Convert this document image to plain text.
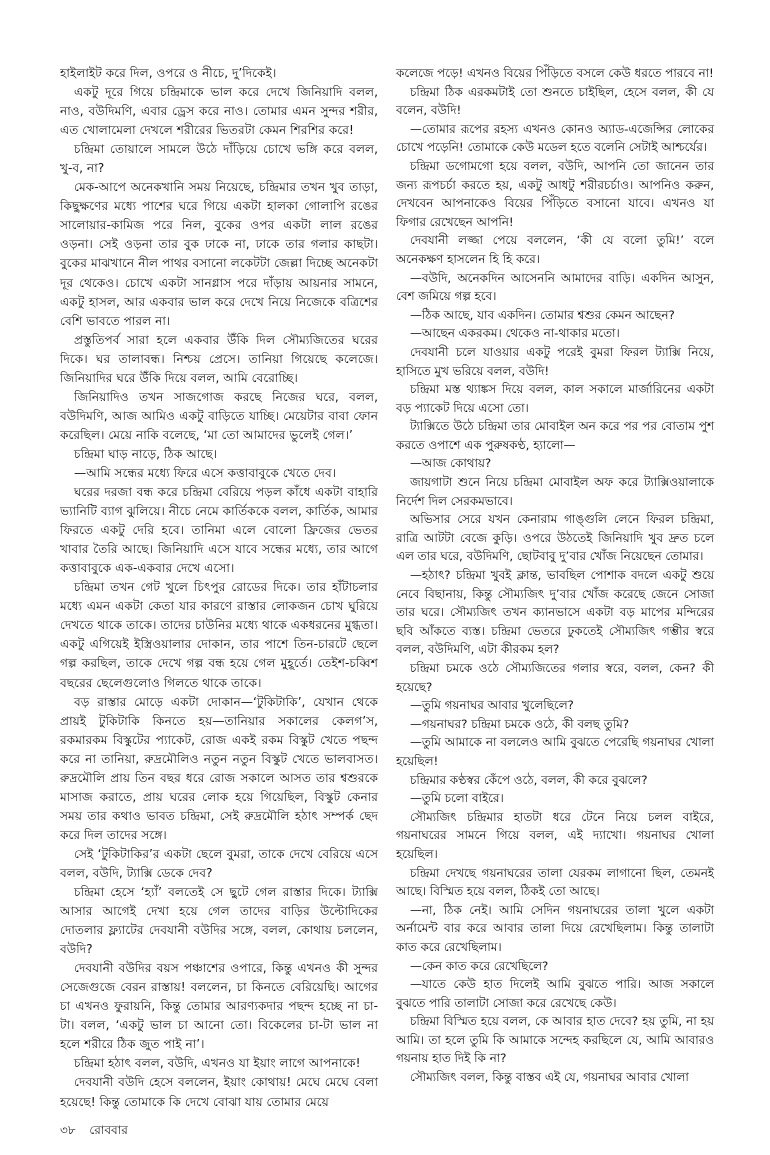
হাইলাইট করে দিল, ওপরে ও নীচে, দু’দিকেই।

একটু দূরে গিয়ে চন্দ্রিমাকে ভাল করে দেখে জিনিয়াদি বলল, নাও, বউদিমণি, এবার ড্রেস করে নাও। তোমার এমন সুন্দর শরীর, এত খোলামেলা দেখলে শরীরের ভিতরটা কেমন শিরশির করে!

চন্দ্রিমা তোয়ালে সামলে উঠে দাঁড়িয়ে চোখে ভঙ্গি করে বলল, খু-ব, না?

মেক-আপে অনেকখানি সময় নিয়েছে, চন্দ্রিমার তখন খুব তাড়া, কিছুক্ষণের মধ্যে পাশের ঘরে গিয়ে একটা হালকা গোলাপি রঙের সালোয়ার-কামিজ পরে নিল, বুকের ওপর একটা লাল রঙের ওড়না। সেই ওড়না তার বুক ঢাকে না, ঢাকে তার গলার কাছটা। বুকের মাঝখানে নীল পাথর বসানো লকেটটা জেল্লা দিচ্ছে অনেকটা দূর থেকেও। চোখে একটা সানগ্লাস পরে দাঁড়ায় আয়নার সামনে, একটু হাসল, আর একবার ভাল করে দেখে নিয়ে নিজেকে বত্রিশের বেশি ভাবতে পারল না।

প্রস্তুতিপর্ব সারা হলে একবার উঁকি দিল সৌম্যজিতের ঘরের দিকে। ঘর তালাবন্ধ। নিশ্চয় প্রেসে। তানিয়া গিয়েছে কলেজে। জিনিয়াদির ঘরে উঁকি দিয়ে বলল, আমি বেরোচ্ছি।

জিনিয়াদিও তখন সাজগোজ করছে নিজের ঘরে, বলল, বউদিমণি, আজ আমিও একটু বাড়িতে যাচ্ছি। মেয়েটার বাবা ফোন করেছিল। মেয়ে নাকি বলেছে, ‘মা তো আমাদের ভুলেই গেল।’

চন্দ্রিমা ঘাড় নাড়ে, ঠিক আছে।

—আমি সন্ধের মধ্যে ফিরে এসে কত্তাবাবুকে খেতে দেব।

ঘরের দরজা বন্ধ করে চন্দ্রিমা বেরিয়ে পড়ল কাঁধে একটা বাহারি ভ্যানিটি ব্যাগ ঝুলিয়ে। নীচে নেমে কার্তিককে বলল, কার্তিক, আমার ফিরতে একটু দেরি হবে। তানিমা এলে বোলো ফ্রিজের ভেতর খাবার তৈরি আছে। জিনিয়াদি এসে যাবে সন্ধের মধ্যে, তার আগে কত্তাবাবুকে এক-একবার দেখে এসো।

চন্দ্রিমা তখন গেট খুলে চিৎপুর রোডের দিকে। তার হাঁটাচলার মধ্যে এমন একটা কেতা যার কারণে রাস্তার লোকজন চোখ ঘুরিয়ে দেখতে থাকে তাকে। তাদের চাউনির মধ্যে থাকে একধরনের মুগ্ধতা। একটু এগিয়েই ইস্ত্রিওয়ালার দোকান, তার পাশে তিন-চারটে ছেলে গল্প করছিল, তাকে দেখে গল্প বন্ধ হয়ে গেল মুহূর্তে। তেইশ-চব্বিশ বছরের ছেলেগুলোও গিলতে থাকে তাকে।

বড় রাস্তার মোড়ে একটা দোকান—‘টুকিটাকি’, যেখান থেকে প্রায়ই টুকিটাকি কিনতে হয়—তানিয়ার সকালের কেলগ’স, রকমারকম বিস্কুটের প্যাকেট, রোজ একই রকম বিস্কুট খেতে পছন্দ করে না তানিয়া, রুদ্রমৌলিও নতুন নতুন বিস্কুট খেতে ভালবাসত। রুদ্রমৌলি প্রায় তিন বছর ধরে রোজ সকালে আসত তার শ্বশুরকে মাসাজ করাতে, প্রায় ঘরের লোক হয়ে গিয়েছিল, বিস্কুট কেনার সময় তার কথাও ভাবত চন্দ্রিমা, সেই রুদ্রমৌলি হঠাৎ সম্পর্ক ছেদ করে দিল তাদের সঙ্গে।

সেই ‘টুকিটাকির’র একটা ছেলে বুমরা, তাকে দেখে বেরিয়ে এসে বলল, বউদি, ট্যাক্সি ডেকে দেব?

চন্দ্রিমা হেসে ‘হ্যাঁ’ বলতেই সে ছুটে গেল রাস্তার দিকে। ট্যাক্সি আসার আগেই দেখা হয়ে গেল তাদের বাড়ির উল্টোদিকের দোতলার ফ্ল্যাটের দেবযানী বউদির সঙ্গে, বলল, কোথায় চললেন, বউদি?

দেবযানী বউদির বয়স পঞ্চাশের ওপারে, কিন্তু এখনও কী সুন্দর সেজেগুজে বেরন রাস্তায়! বললেন, চা কিনতে বেরিয়েছি। আগের চা এখনও ফুরায়নি, কিন্তু তোমার আরণ্যকদার পছন্দ হচ্ছে না চা-টা। বলল, ‘একটু ভাল চা আনো তো। বিকেলের চা-টা ভাল না হলে শরীরে ঠিক জুত পাই না’।

চন্দ্রিমা হঠাৎ বলল, বউদি, এখনও যা ইয়াং লাগে আপনাকে!

দেবযানী বউদি হেসে বললেন, ইয়াং কোথায়! মেঘে মেঘে বেলা হয়েছে! কিন্তু তোমাকে কি দেখে বোঝা যায় তোমার মেয়ে

কলেজে পড়ে! এখনও বিয়ের পিঁড়িতে বসলে কেউ ধরতে পারবে না!

চন্দ্রিমা ঠিক এরকমটাই তো শুনতে চাইছিল, হেসে বলল, কী যে বলেন, বউদি!

—তোমার রূপের রহস্য এখনও কোনও অ্যাড-এজেন্সির লোকের চোখে পড়েনি! তোমাকে কেউ মডেল হতে বলেনি সেটাই আশ্চর্যের।

চন্দ্রিমা ডগোমগো হয়ে বলল, বউদি, আপনি তো জানেন তার জন্য রূপচর্চা করতে হয়, একটু আধটু শরীরচর্চাও। আপনিও করুন, দেখবেন আপনাকেও বিয়ের পিঁড়িতে বসানো যাবে। এখনও যা ফিগার রেখেছেন আপনি!

দেবযানী লজ্জা পেয়ে বললেন, ‘কী যে বলো তুমি!’ বলে অনেকক্ষণ হাসলেন হি হি করে।

—বউদি, অনেকদিন আসেননি আমাদের বাড়ি। একদিন আসুন, বেশ জমিয়ে গল্প হবে।

—ঠিক আছে, যাব একদিন। তোমার শ্বশুর কেমন আছেন?

—আছেন একরকম। থেকেও না-থাকার মতো।

দেবযানী চলে যাওয়ার একটু পরেই বুমরা ফিরল ট্যাক্সি নিয়ে, হাসিতে মুখ ভরিয়ে বলল, বউদি!

চন্দ্রিমা মস্ত থ্যাঙ্কস দিয়ে বলল, কাল সকালে মার্জারিনের একটা বড় প্যাকেট দিয়ে এসো তো।

ট্যাক্সিতে উঠে চন্দ্রিমা তার মোবাইল অন করে পর পর বোতাম পুশ করতে ওপাশে এক পুরুষকণ্ঠ, হ্যালো—

—আজ কোথায়?

জায়গাটা শুনে নিয়ে চন্দ্রিমা মোবাইল অফ করে ট্যাক্সিওয়ালাকে নির্দেশ দিল সেরকমভাবে।

অভিসার সেরে যখন কেনারাম গাঙ্গুলি লেনে ফিরল চন্দ্রিমা, রাত্রি আটটা বেজে কুড়ি। ওপরে উঠতেই জিনিয়াদি খুব দ্রুত চলে এল তার ঘরে, বউদিমণি, ছোটবাবু দু’বার খোঁজ নিয়েছেন তোমার।

—হঠাৎ? চন্দ্রিমা খুবই ক্লান্ত, ভাবছিল পোশাক বদলে একটু শুয়ে নেবে বিছানায়, কিন্তু সৌম্যজিৎ দু’বার খোঁজ করেছে জেনে সোজা তার ঘরে। সৌম্যজিৎ তখন ক্যানভাসে একটা বড় মাপের মন্দিরের ছবি আঁকতে ব্যস্ত। চন্দ্রিমা ভেতরে ঢুকতেই সৌম্যজিৎ গম্ভীর স্বরে বলল, বউদিমণি, এটা কীরকম হল?

চন্দ্রিমা চমকে ওঠে সৌম্যজিতের গলার স্বরে, বলল, কেন? কী হয়েছে?

—তুমি গয়নাঘর আবার খুলেছিলে?

—গয়নাঘর? চন্দ্রিমা চমকে ওঠে, কী বলছ তুমি?

—তুমি আমাকে না বললেও আমি বুঝতে পেরেছি গয়নাঘর খোলা হয়েছিল!

চন্দ্রিমার কণ্ঠস্বর কেঁপে ওঠে, বলল, কী করে বুঝলে?

—তুমি চলো বাইরে।

সৌম্যজিৎ চন্দ্রিমার হাতটা ধরে টেনে নিয়ে চলল বাইরে, গয়নাঘরের সামনে গিয়ে বলল, এই দ্যাখো। গয়নাঘর খোলা হয়েছিল।

চন্দ্রিমা দেখছে গয়নাঘরের তালা যেরকম লাগানো ছিল, তেমনই আছে। বিস্মিত হয়ে বলল, ঠিকই তো আছে।

—না, ঠিক নেই। আমি সেদিন গয়নাঘরের তালা খুলে একটা অর্নামেন্ট বার করে আবার তালা দিয়ে রেখেছিলাম। কিন্তু তালাটা কাত করে রেখেছিলাম।

—কেন কাত করে রেখেছিলে?

—যাতে কেউ হাত দিলেই আমি বুঝতে পারি। আজ সকালে বুঝতে পারি তালাটা সোজা করে রেখেছে কেউ।

চন্দ্রিমা বিস্মিত হয়ে বলল, কে আবার হাত দেবে? হয় তুমি, না হয় আমি। তা হলে তুমি কি আমাকে সন্দেহ করছিলে যে, আমি আবারও গয়নায় হাত দিই কি না?

সৌম্যজিৎ বলল, কিন্তু বাস্তব এই যে, গয়নাঘর আবার খোলা

৩৮ রোববার
